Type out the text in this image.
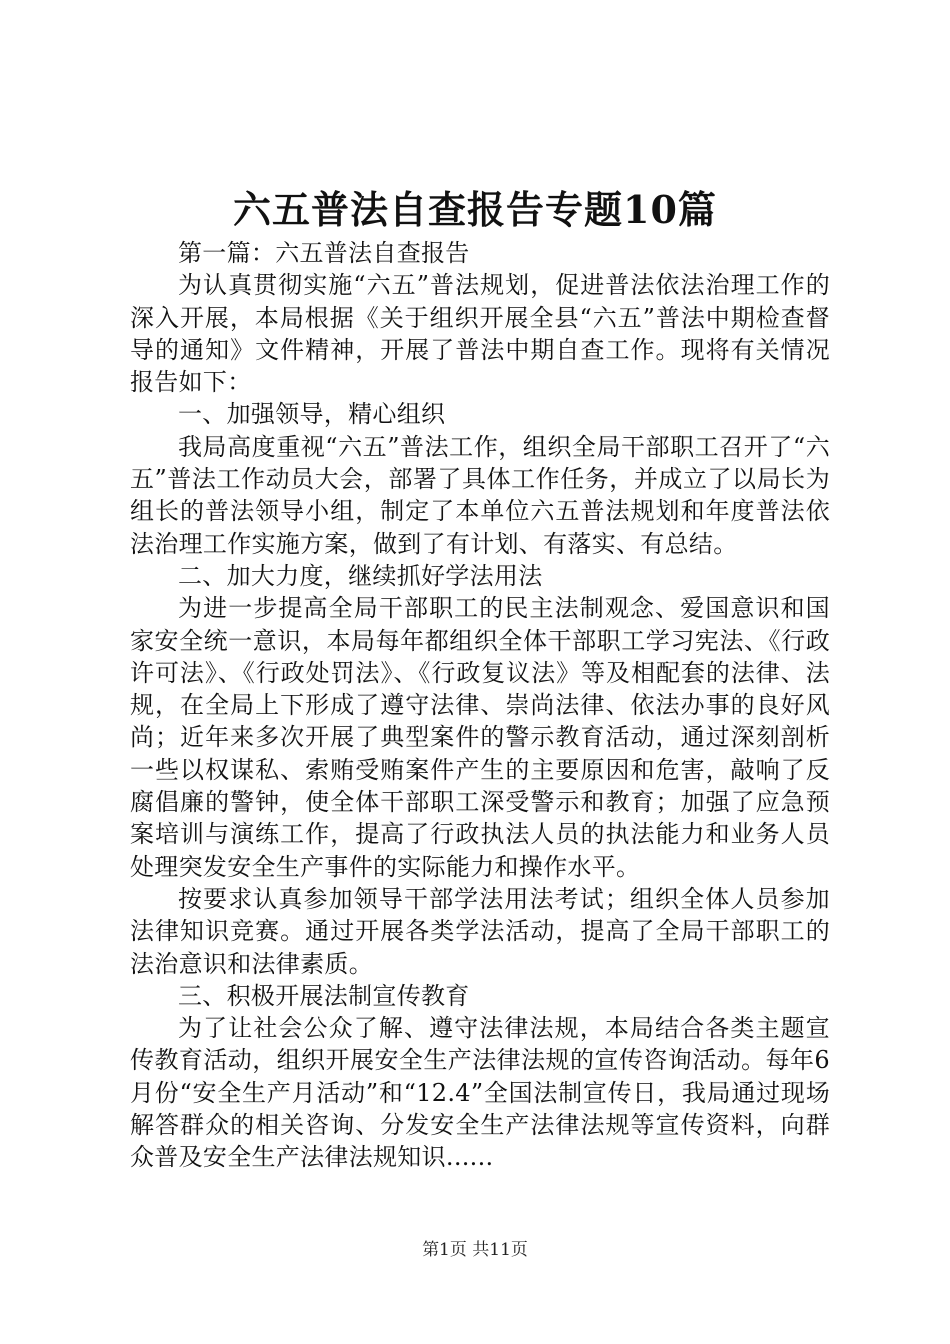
六五普法自查报告专题10篇

第一篇：六五普法自查报告

为认真贯彻实施“六五”普法规划，促进普法依法治理工作的深入开展，本局根据《关于组织开展全县“六五”普法中期检查督导的通知》文件精神，开展了普法中期自查工作。现将有关情况报告如下：

一、加强领导，精心组织

我局高度重视“六五”普法工作，组织全局干部职工召开了“六五”普法工作动员大会，部署了具体工作任务，并成立了以局长为组长的普法领导小组，制定了本单位六五普法规划和年度普法依法治理工作实施方案，做到了有计划、有落实、有总结。

二、加大力度，继续抓好学法用法

为进一步提高全局干部职工的民主法制观念、爱国意识和国家安全统一意识，本局每年都组织全体干部职工学习宪法、《行政许可法》、《行政处罚法》、《行政复议法》等及相配套的法律、法规，在全局上下形成了遵守法律、崇尚法律、依法办事的良好风尚；近年来多次开展了典型案件的警示教育活动，通过深刻剖析一些以权谋私、索贿受贿案件产生的主要原因和危害，敲响了反腐倡廉的警钟，使全体干部职工深受警示和教育；加强了应急预案培训与演练工作，提高了行政执法人员的执法能力和业务人员处理突发安全生产事件的实际能力和操作水平。

按要求认真参加领导干部学法用法考试；组织全体人员参加法律知识竞赛。通过开展各类学法活动，提高了全局干部职工的法治意识和法律素质。

三、积极开展法制宣传教育

为了让社会公众了解、遵守法律法规，本局结合各类主题宣传教育活动，组织开展安全生产法律法规的宣传咨询活动。每年6月份“安全生产月活动”和“12.4”全国法制宣传日，我局通过现场解答群众的相关咨询、分发安全生产法律法规等宣传资料，向群众普及安全生产法律法规知识......

第1页 共11页
